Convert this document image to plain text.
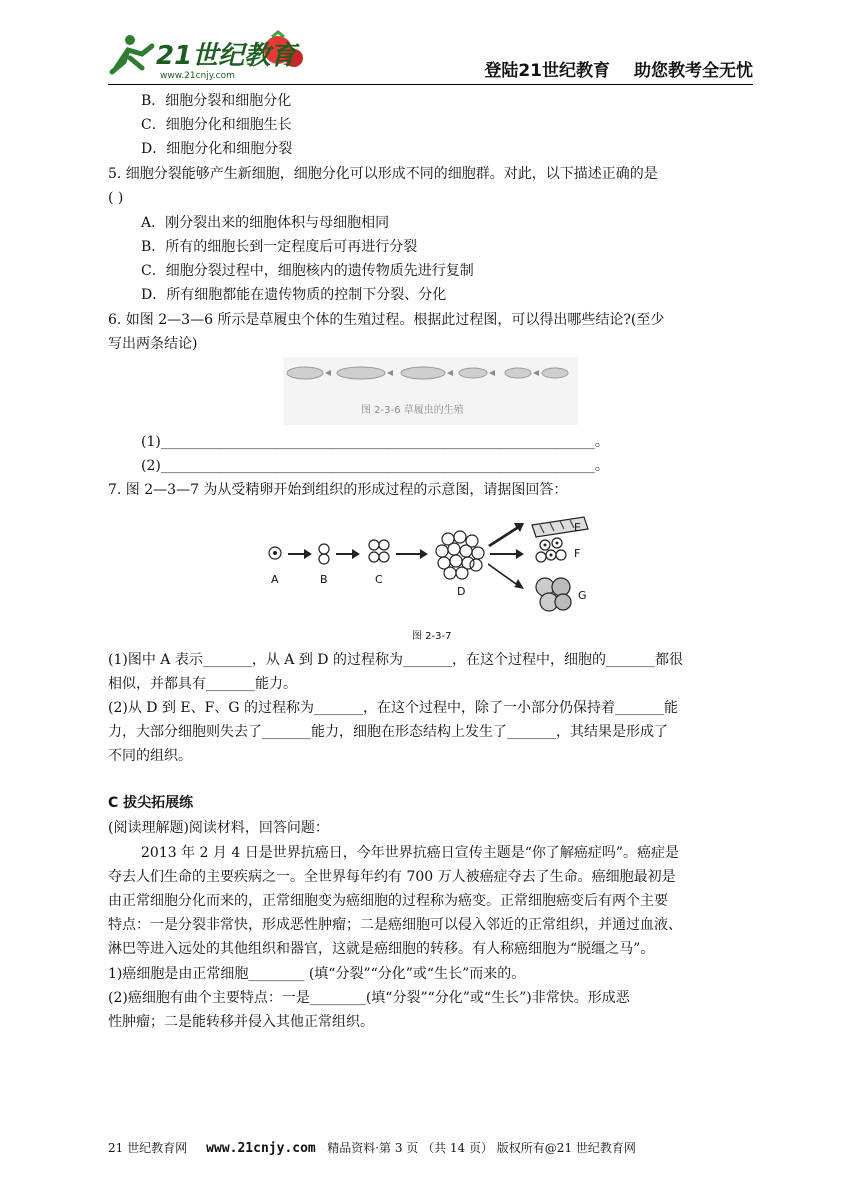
21世纪教育
www.21cnjy.com	登陆21世纪教育 助您教考全无忧
B．细胞分裂和细胞分化
C．细胞分化和细胞生长
D．细胞分化和细胞分裂
5. 细胞分裂能够产生新细胞，细胞分化可以形成不同的细胞群。对此，以下描述正确的是
( )
A．刚分裂出来的细胞体积与母细胞相同
B．所有的细胞长到一定程度后可再进行分裂
C．细胞分裂过程中，细胞核内的遗传物质先进行复制
D．所有细胞都能在遗传物质的控制下分裂、分化
6. 如图 2—3—6 所示是草履虫个体的生殖过程。根据此过程图，可以得出哪些结论?(至少
写出两条结论)
图 2-3-6 草履虫的生殖
(1)______________________________________________________________。
(2)______________________________________________________________。
7. 图 2—3—7 为从受精卵开始到组织的形成过程的示意图，请据图回答：
A	B	C
D
E
F
G
图 2-3-7
(1)图中 A 表示_______，从 A 到 D 的过程称为_______，在这个过程中，细胞的_______都很
相似，并都具有_______能力。
(2)从 D 到 E、F、G 的过程称为_______，在这个过程中，除了一小部分仍保持着_______能
力，大部分细胞则失去了_______能力，细胞在形态结构上发生了_______，其结果是形成了
不同的组织。
C 拔尖拓展练
(阅读理解题)阅读材料，回答问题：
2013 年 2 月 4 日是世界抗癌日，今年世界抗癌日宣传主题是“你了解癌症吗”。癌症是
夺去人们生命的主要疾病之一。全世界每年约有 700 万人被癌症夺去了生命。癌细胞最初是
由正常细胞分化而来的，正常细胞变为癌细胞的过程称为癌变。正常细胞癌变后有两个主要
特点：一是分裂非常快，形成恶性肿瘤；二是癌细胞可以侵入邻近的正常组织，并通过血液、
淋巴等进入远处的其他组织和器官，这就是癌细胞的转移。有人称癌细胞为“脱缰之马”。
1)癌细胞是由正常细胞________ (填“分裂”“分化”或“生长”而来的。
(2)癌细胞有曲个主要特点：一是________(填“分裂”“分化”或“生长”)非常快。形成恶
性肿瘤；二是能转移并侵入其他正常组织。
21 世纪教育网 www.21cnjy.com 精品资料·第 3 页 （共 14 页） 版权所有@21 世纪教育网
